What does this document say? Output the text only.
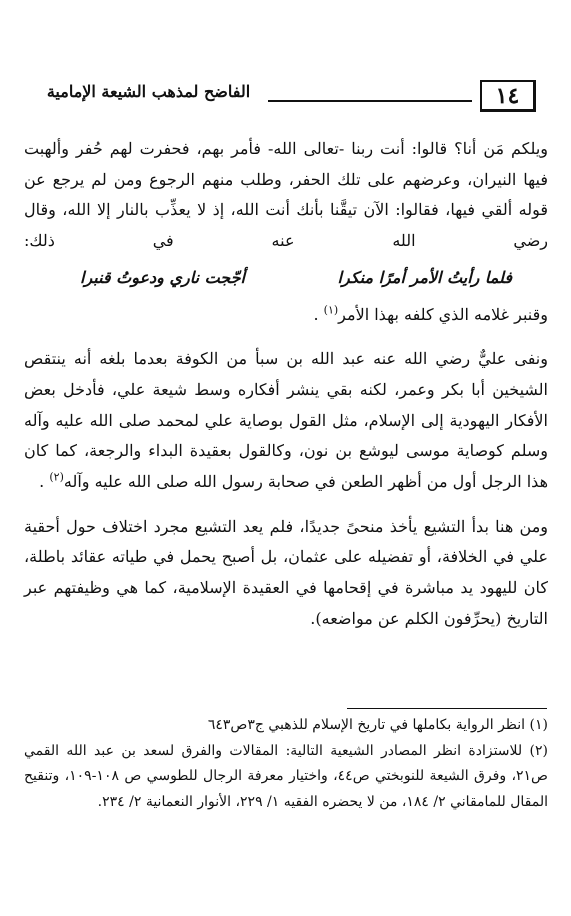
١٤
الفاضح لمذهب الشيعة الإمامية

ويلكم مَن أنا؟ قالوا: أنت ربنا -تعالى الله- فأمر بهم، فحفرت لهم حُفر وألهبت فيها النيران، وعرضهم على تلك الحفر، وطلب منهم الرجوع ومن لم يرجع عن قوله ألقي فيها، فقالوا: الآن تيقَّنا بأنك أنت الله، إذ لا يعذِّب بالنار إلا الله، وقال رضي الله عنه في ذلك:

فلما رأيتُ الأمر أمرًا منكرا
أجّجت ناري ودعوتُ قنبرا

وقنبر غلامه الذي كلفه بهذا الأمر$^{(١)}$ .

ونفى عليٌّ رضي الله عنه عبد الله بن سبأ من الكوفة بعدما بلغه أنه ينتقص الشيخين أبا بكر وعمر، لكنه بقي ينشر أفكاره وسط شيعة علي، فأدخل بعض الأفكار اليهودية إلى الإسلام، مثل القول بوصاية علي لمحمد صلى الله عليه وآله وسلم كوصاية موسى ليوشع بن نون، وكالقول بعقيدة البداء والرجعة، كما كان هذا الرجل أول من أظهر الطعن في صحابة رسول الله صلى الله عليه وآله$^{(٢)}$ .

ومن هنا بدأ التشيع يأخذ منحىً جديدًا، فلم يعد التشيع مجرد اختلاف حول أحقية علي في الخلافة، أو تفضيله على عثمان، بل أصبح يحمل في طياته عقائد باطلة، كان لليهود يد مباشرة في إقحامها في العقيدة الإسلامية، كما هي وظيفتهم عبر التاريخ (يحرِّفون الكلم عن مواضعه).

(١) انظر الرواية بكاملها في تاريخ الإسلام للذهبي ج٣ص٦٤٣

(٢) للاستزادة انظر المصادر الشيعية التالية: المقالات والفرق لسعد بن عبد الله القمي ص٢١، وفرق الشيعة للنوبختي ص٤٤، واختيار معرفة الرجال للطوسي ص ١٠٨-١٠٩، وتنقيح المقال للمامقاني ٢/ ١٨٤، من لا يحضره الفقيه ١/ ٢٢٩، الأنوار النعمانية ٢/ ٢٣٤.
